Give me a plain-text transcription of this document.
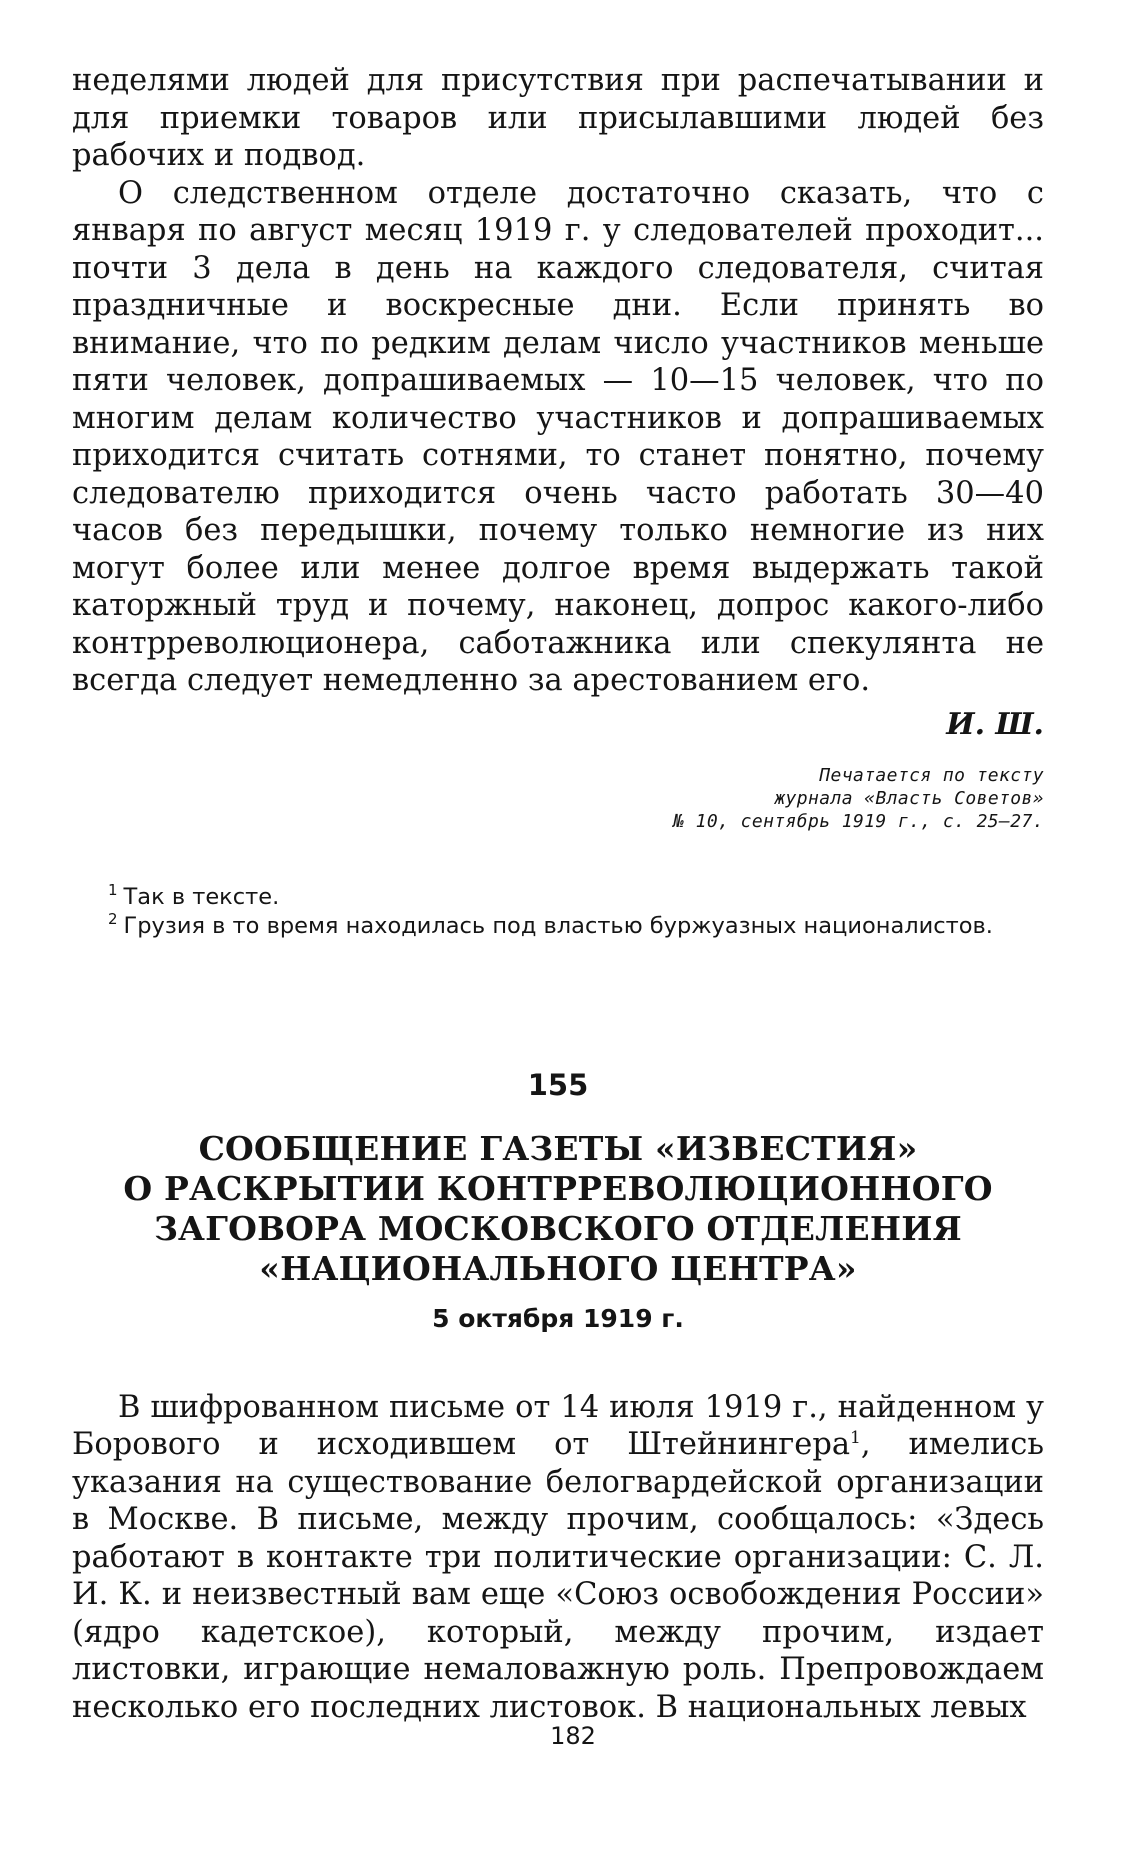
неделями людей для присутствия при распечатывании и для приемки товаров или присылавшими людей без рабочих и подвод.

О следственном отделе достаточно сказать, что с января по август месяц 1919 г. у следователей проходит... почти 3 дела в день на каждого следователя, считая праздничные и воскресные дни. Если принять во внимание, что по редким делам число участников меньше пяти человек, допрашиваемых — 10—15 человек, что по многим делам количество участников и допрашиваемых приходится считать сотнями, то станет понятно, почему следователю приходится очень часто работать 30—40 часов без передышки, почему только немногие из них могут более или менее долгое время выдержать такой каторжный труд и почему, наконец, допрос какого-либо контрреволюционера, саботажника или спекулянта не всегда следует немедленно за арестованием его.

И. Ш.

Печатается по тексту
журнала «Власть Советов»
№ 10, сентябрь 1919 г., с. 25—27.

$^1$ Так в тексте.

$^2$ Грузия в то время находилась под властью буржуазных националистов.

155
СООБЩЕНИЕ ГАЗЕТЫ «ИЗВЕСТИЯ»
О РАСКРЫТИИ КОНТРРЕВОЛЮЦИОННОГО
ЗАГОВОРА МОСКОВСКОГО ОТДЕЛЕНИЯ
«НАЦИОНАЛЬНОГО ЦЕНТРА»
5 октября 1919 г.

В шифрованном письме от 14 июля 1919 г., найденном у Борового и исходившем от Штейнингера$^1$, имелись указания на существование белогвардейской организации в Москве. В письме, между прочим, сообщалось: «Здесь работают в контакте три политические организации: С. Л. И. К. и неизвестный вам еще «Союз освобождения России» (ядро кадетское), который, между прочим, издает листовки, играющие немаловажную роль. Препровождаем несколько его последних листовок. В национальных левых

182
